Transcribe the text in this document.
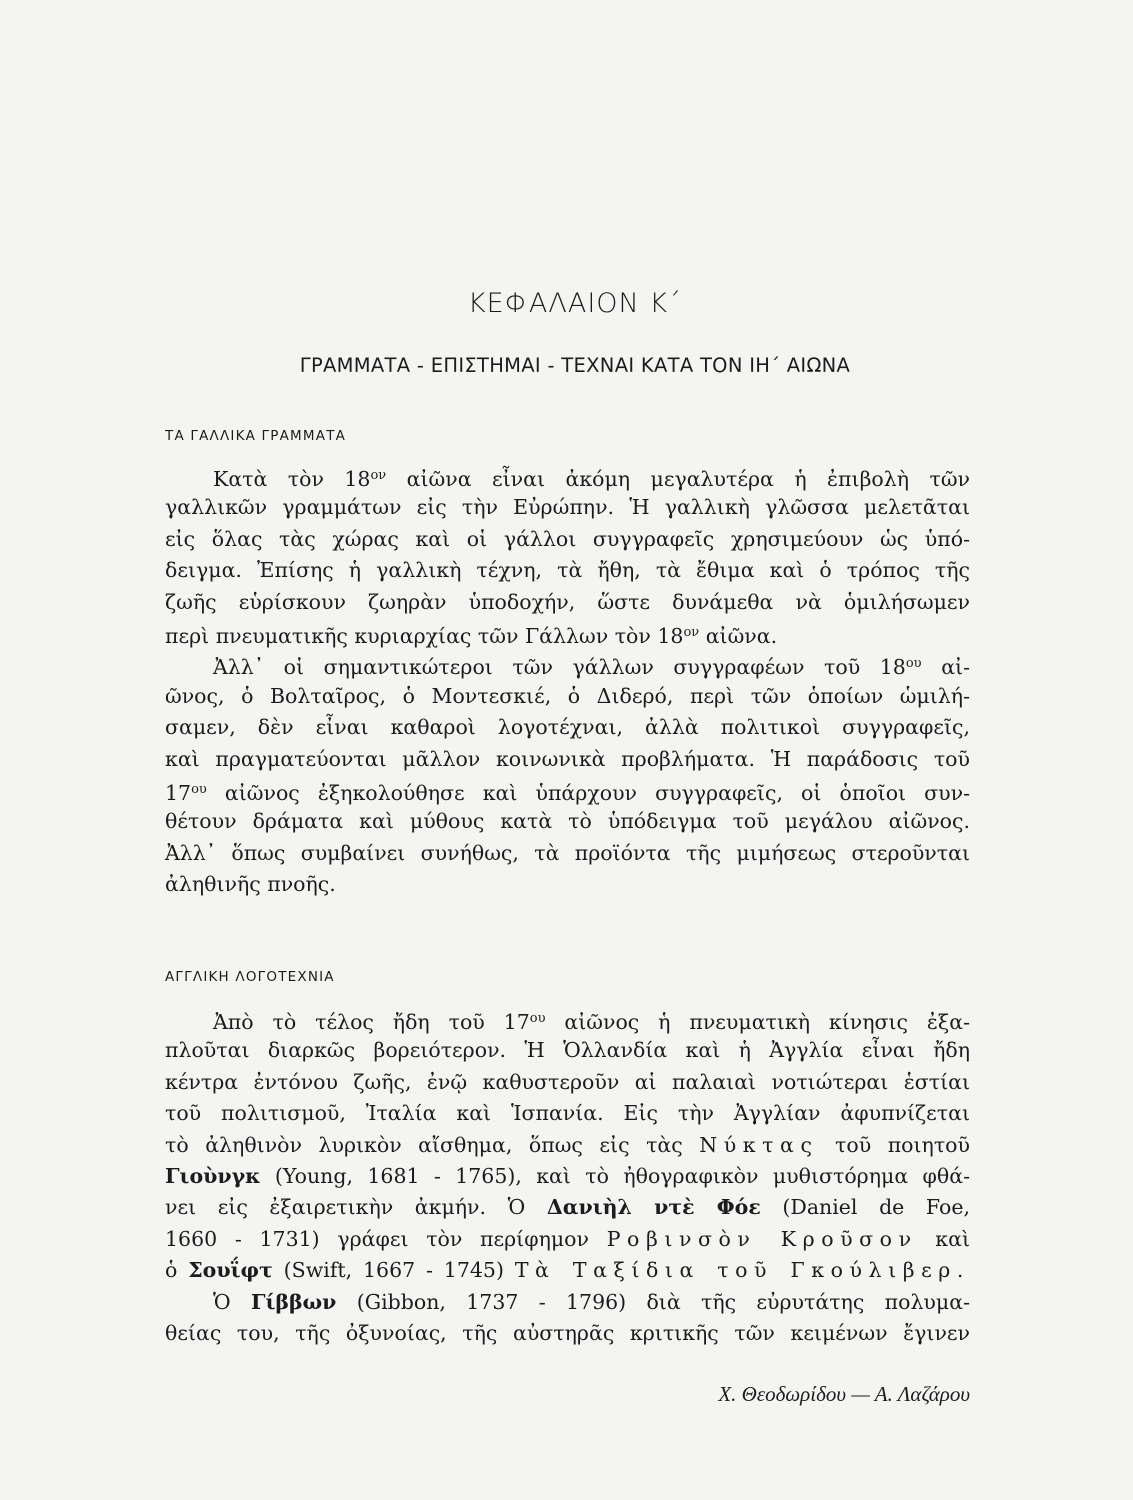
ΚΕΦΑΛΑΙΟΝ Κ΄
ΓΡΑΜΜΑΤΑ - ΕΠΙΣΤΗΜΑΙ - ΤΕΧΝΑΙ ΚΑΤΑ ΤΟΝ ΙΗ΄ ΑΙΩΝΑ
ΤΑ ΓΑΛΛΙΚΑ ΓΡΑΜΜΑΤΑ
Κατὰ τὸν $18^{o\nu}$ αἰῶνα εἶναι ἀκόμη μεγαλυτέρα ἡ ἐπιβολὴ τῶν
γαλλικῶν γραμμάτων εἰς τὴν Εὐρώπην. Ἡ γαλλικὴ γλῶσσα μελετᾶται
εἰς ὅλας τὰς χώρας καὶ οἱ γάλλοι συγγραφεῖς χρησιμεύουν ὡς ὑπό-
δειγμα. Ἐπίσης ἡ γαλλικὴ τέχνη, τὰ ἤθη, τὰ ἔθιμα καὶ ὁ τρόπος τῆς
ζωῆς εὑρίσκουν ζωηρὰν ὑποδοχήν, ὥστε δυνάμεθα νὰ ὁμιλήσωμεν
περὶ πνευματικῆς κυριαρχίας τῶν Γάλλων τὸν $18^{o\nu}$ αἰῶνα.
Ἀλλ᾽ οἱ σημαντικώτεροι τῶν γάλλων συγγραφέων τοῦ $18^{o\upsilon}$ αἰ-
ῶνος, ὁ Βολταῖρος, ὁ Μοντεσκιέ, ὁ Διδερό, περὶ τῶν ὁποίων ὡμιλή-
σαμεν, δὲν εἶναι καθαροὶ λογοτέχναι, ἀλλὰ πολιτικοὶ συγγραφεῖς,
καὶ πραγματεύονται μᾶλλον κοινωνικὰ προβλήματα. Ἡ παράδοσις τοῦ
$17^{o\upsilon}$ αἰῶνος ἐξηκολούθησε καὶ ὑπάρχουν συγγραφεῖς, οἱ ὁποῖοι συν-
θέτουν δράματα καὶ μύθους κατὰ τὸ ὑπόδειγμα τοῦ μεγάλου αἰῶνος.
Ἀλλ᾽ ὅπως συμβαίνει συνήθως, τὰ προϊόντα τῆς μιμήσεως στεροῦνται
ἀληθινῆς πνοῆς.
ΑΓΓΛΙΚΗ ΛΟΓΟΤΕΧΝΙΑ
Ἀπὸ τὸ τέλος ἤδη τοῦ $17^{o\upsilon}$ αἰῶνος ἡ πνευματικὴ κίνησις ἐξα-
πλοῦται διαρκῶς βορειότερον. Ἡ Ὁλλανδία καὶ ἡ Ἀγγλία εἶναι ἤδη
κέντρα ἐντόνου ζωῆς, ἐνῷ καθυστεροῦν αἱ παλαιαὶ νοτιώτεραι ἑστίαι
τοῦ πολιτισμοῦ, Ἰταλία καὶ Ἱσπανία. Εἰς τὴν Ἀγγλίαν ἀφυπνίζεται
τὸ ἀληθινὸν λυρικὸν αἴσθημα, ὅπως εἰς τὰς Νύκτας τοῦ ποιητοῦ
Γιοὺνγκ (Young, 1681 - 1765), καὶ τὸ ἠθογραφικὸν μυθιστόρημα φθά-
νει εἰς ἐξαιρετικὴν ἀκμήν. Ὁ Δανιὴλ ντὲ Φόε (Daniel de Foe,
1660 - 1731) γράφει τὸν περίφημον Ροβινσὸν Κροῦσον καὶ
ὁ Σουΐφτ (Swift, 1667 - 1745) Τὰ Ταξίδια τοῦ Γκούλιβερ.
Ὁ Γίββων (Gibbon, 1737 - 1796) διὰ τῆς εὐρυτάτης πολυμα-
θείας του, τῆς ὀξυνοίας, τῆς αὐστηρᾶς κριτικῆς τῶν κειμένων ἔγινεν
Χ. Θεοδωρίδου — Α. Λαζάρου
